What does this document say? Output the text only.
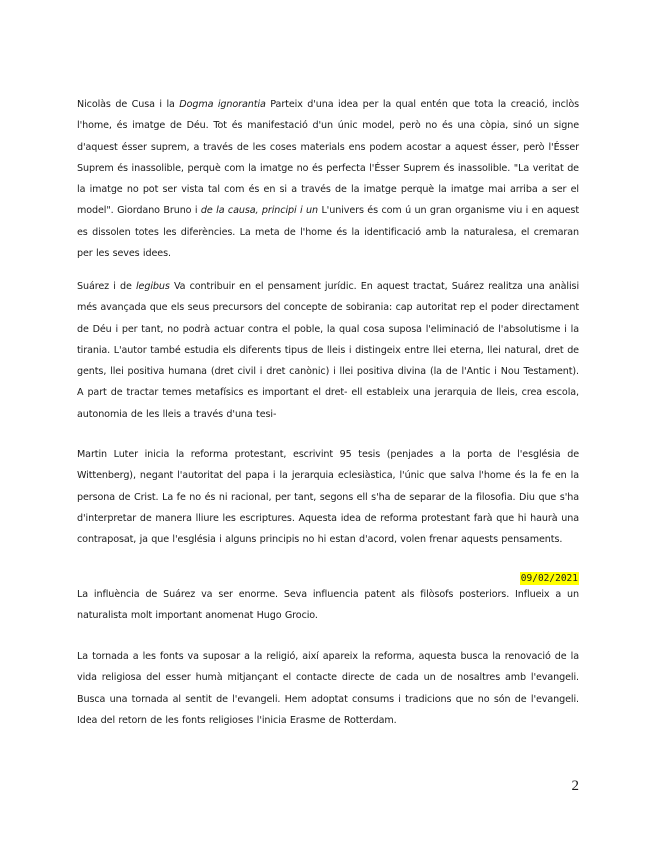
Nicolàs de Cusa i la Dogma ignorantia Parteix d'una idea per la qual entén que tota la creació, inclòs l'home, és imatge de Déu. Tot és manifestació d'un únic model, però no és una còpia, sinó un signe d'aquest ésser suprem, a través de les coses materials ens podem acostar a aquest ésser, però l'Ésser Suprem és inassolible, perquè com la imatge no és perfecta l'Ésser Suprem és inassolible. "La veritat de la imatge no pot ser vista tal com és en si a través de la imatge perquè la imatge mai arriba a ser el model". Giordano Bruno i de la causa, principi i un L'univers és com ú un gran organisme viu i en aquest es dissolen totes les diferències. La meta de l'home és la identificació amb la naturalesa, el cremaran per les seves idees.

Suárez i de legibus Va contribuir en el pensament jurídic. En aquest tractat, Suárez realitza una anàlisi més avançada que els seus precursors del concepte de sobirania: cap autoritat rep el poder directament de Déu i per tant, no podrà actuar contra el poble, la qual cosa suposa l'eliminació de l'absolutisme i la tirania. L'autor també estudia els diferents tipus de lleis i distingeix entre llei eterna, llei natural, dret de gents, llei positiva humana (dret civil i dret canònic) i llei positiva divina (la de l'Antic i Nou Testament). A part de tractar temes metafísics es important el dret- ell estableix una jerarquia de lleis, crea escola, autonomia de les lleis a través d'una tesi-

Martin Luter inicia la reforma protestant, escrivint 95 tesis (penjades a la porta de l'església de Wittenberg), negant l'autoritat del papa i la jerarquia eclesiàstica, l'únic que salva l'home és la fe en la persona de Crist. La fe no és ni racional, per tant, segons ell s'ha de separar de la filosofia. Diu que s'ha d'interpretar de manera lliure les escriptures. Aquesta idea de reforma protestant farà que hi haurà una contraposat, ja que l'església i alguns principis no hi estan d'acord, volen frenar aquests pensaments.

09/02/2021

La influència de Suárez va ser enorme. Seva influencia patent als filòsofs posteriors. Influeix a un naturalista molt important anomenat Hugo Grocio.

La tornada a les fonts va suposar a la religió, així apareix la reforma, aquesta busca la renovació de la vida religiosa del esser humà mitjançant el contacte directe de cada un de nosaltres amb l'evangeli. Busca una tornada al sentit de l'evangeli. Hem adoptat consums i tradicions que no són de l'evangeli. Idea del retorn de les fonts religioses l'inicia Erasme de Rotterdam.

2
